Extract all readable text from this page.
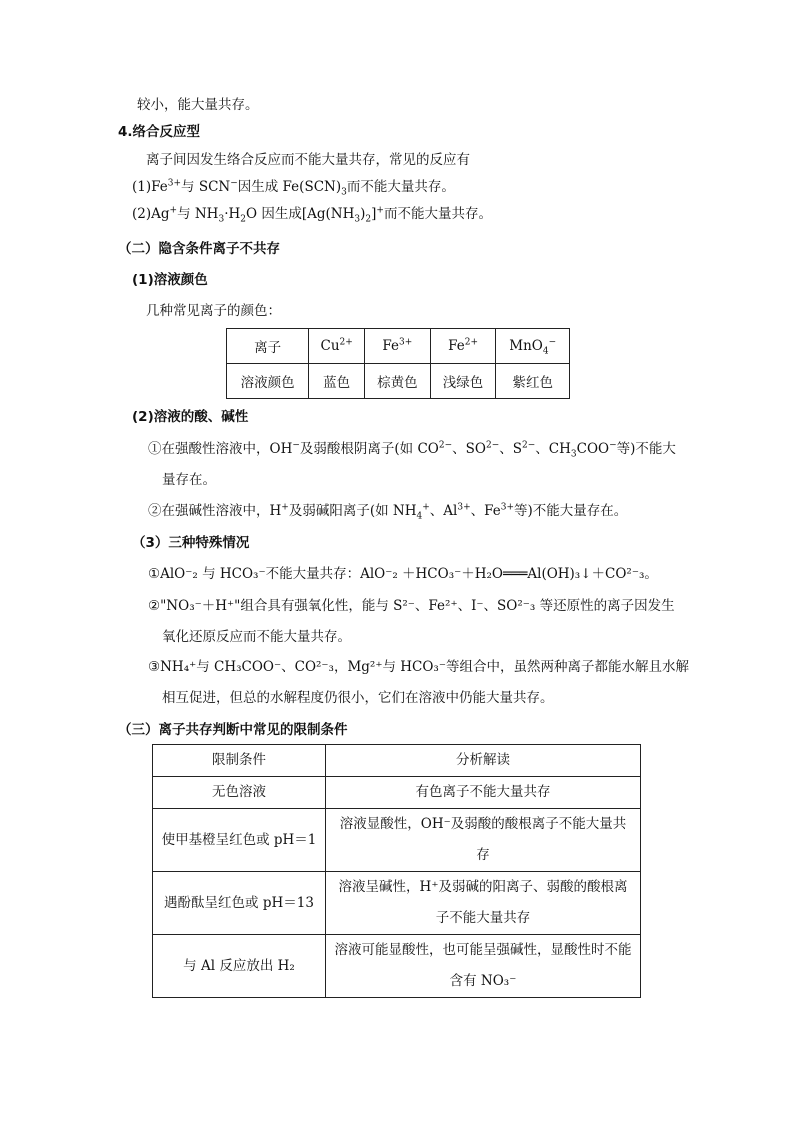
较小，能大量共存。
4.络合反应型
离子间因发生络合反应而不能大量共存，常见的反应有
$(1)Fe^{3+}$与 SCN−因生成 $Fe(SCN)_3$而不能大量共存。
(2)Ag+与 $NH_3\cdot H_2O$ 因生成$[Ag(NH_3)_2]^+$而不能大量共存。
（二）隐含条件离子不共存
(1)溶液颜色
几种常见离子的颜色：
离子	$Cu^{2+}$	$Fe^{3+}$	$Fe^{2+}$	MnO$_4$−
溶液颜色	蓝色	棕黄色	浅绿色	紫红色
(2)溶液的酸、碱性
①在强酸性溶液中，OH−及弱酸根阴离子(如 $CO^{2-}$、$SO^{2-}$、$S^{2-}$、$CH_3COO^-$等)不能大
量存在。
②在强碱性溶液中，H+及弱碱阳离子(如 $NH_4^+$、$Al^{3+}$、$Fe^{3+}$等)不能大量存在。
（3）三种特殊情况
①AlO⁻₂ 与 HCO₃⁻不能大量共存：AlO⁻₂ ＋HCO₃⁻＋H₂O═══Al(OH)₃↓＋CO²⁻₃。
②"NO₃⁻＋H⁺"组合具有强氧化性，能与 S²⁻、Fe²⁺、I⁻、SO²⁻₃ 等还原性的离子因发生
氧化还原反应而不能大量共存。
③NH₄⁺与 CH₃COO⁻、CO²⁻₃，Mg²⁺与 HCO₃⁻等组合中，虽然两种离子都能水解且水解
相互促进，但总的水解程度仍很小，它们在溶液中仍能大量共存。
（三）离子共存判断中常见的限制条件
限制条件	分析解读
无色溶液	有色离子不能大量共存
使甲基橙呈红色或 pH＝1	溶液显酸性，OH⁻及弱酸的酸根离子不能大量共
存

遇酚酞呈红色或 pH＝13	溶液呈碱性，H⁺及弱碱的阳离子、弱酸的酸根离
子不能大量共存

与 Al 反应放出 H₂	溶液可能显酸性，也可能呈强碱性，显酸性时不能
含有 NO₃⁻
